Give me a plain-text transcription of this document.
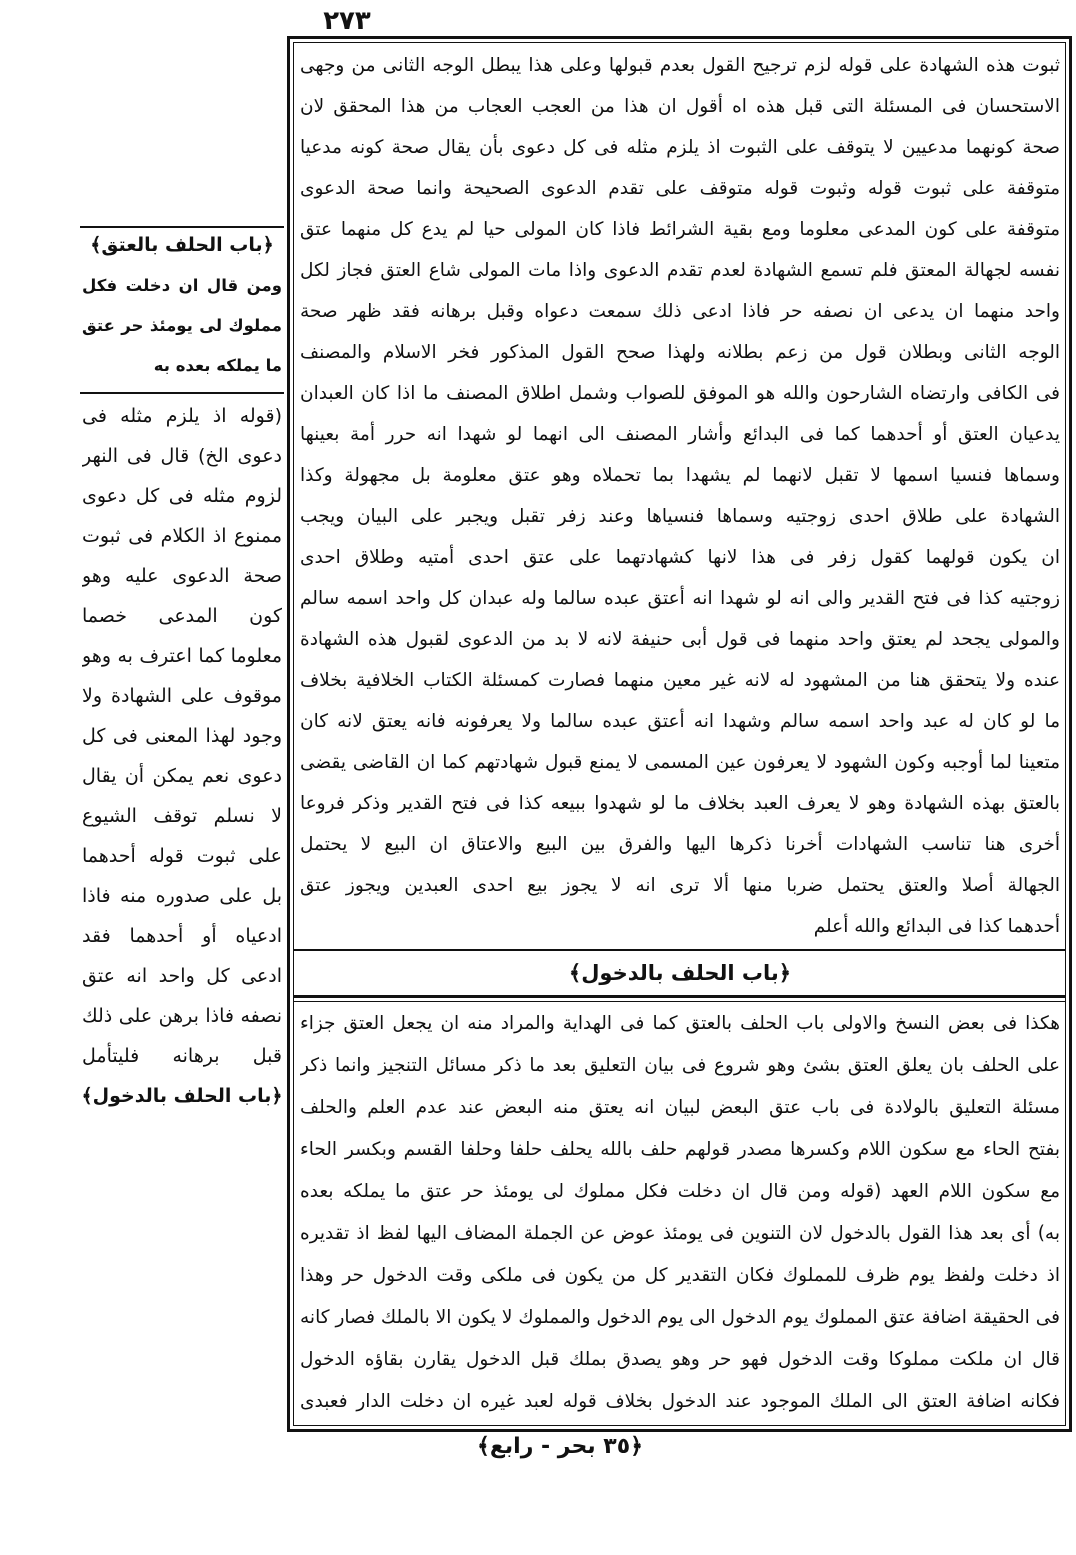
٢٧٣
ثبوت هذه الشهادة على قوله لزم ترجيح القول بعدم قبولها وعلى هذا يبطل الوجه الثانى من وجهى
الاستحسان فى المسئلة التى قبل هذه اه أقول ان هذا من العجب العجاب من هذا المحقق لان
صحة كونهما مدعيين لا يتوقف على الثبوت اذ يلزم مثله فى كل دعوى بأن يقال صحة كونه مدعيا
متوقفة على ثبوت قوله وثبوت قوله متوقف على تقدم الدعوى الصحيحة وانما صحة الدعوى
متوقفة على كون المدعى معلوما ومع بقية الشرائط فاذا كان المولى حيا لم يدع كل منهما عتق
نفسه لجهالة المعتق فلم تسمع الشهادة لعدم تقدم الدعوى واذا مات المولى شاع العتق فجاز لكل
واحد منهما ان يدعى ان نصفه حر فاذا ادعى ذلك سمعت دعواه وقبل برهانه فقد ظهر صحة
الوجه الثانى وبطلان قول من زعم بطلانه ولهذا صحح القول المذكور فخر الاسلام والمصنف
فى الكافى وارتضاه الشارحون والله هو الموفق للصواب وشمل اطلاق المصنف ما اذا كان العبدان
يدعيان العتق أو أحدهما كما فى البدائع وأشار المصنف الى انهما لو شهدا انه حرر أمة بعينها
وسماها فنسيا اسمها لا تقبل لانهما لم يشهدا بما تحملاه وهو عتق معلومة بل مجهولة وكذا
الشهادة على طلاق احدى زوجتيه وسماها فنسياها وعند زفر تقبل ويجبر على البيان ويجب
ان يكون قولهما كقول زفر فى هذا لانها كشهادتهما على عتق احدى أمتيه وطلاق احدى
زوجتيه كذا فى فتح القدير والى انه لو شهدا انه أعتق عبده سالما وله عبدان كل واحد اسمه سالم
والمولى يجحد لم يعتق واحد منهما فى قول أبى حنيفة لانه لا بد من الدعوى لقبول هذه الشهادة
عنده ولا يتحقق هنا من المشهود له لانه غير معين منهما فصارت كمسئلة الكتاب الخلافية بخلاف
ما لو كان له عبد واحد اسمه سالم وشهدا انه أعتق عبده سالما ولا يعرفونه فانه يعتق لانه كان
متعينا لما أوجبه وكون الشهود لا يعرفون عين المسمى لا يمنع قبول شهادتهم كما ان القاضى يقضى
بالعتق بهذه الشهادة وهو لا يعرف العبد بخلاف ما لو شهدوا ببيعه كذا فى فتح القدير وذكر فروعا
أخرى هنا تناسب الشهادات أخرنا ذكرها اليها والفرق بين البيع والاعتاق ان البيع لا يحتمل
الجهالة أصلا والعتق يحتمل ضربا منها ألا ترى انه لا يجوز بيع احدى العبدين ويجوز عتق
أحدهما كذا فى البدائع والله أعلم
﴿باب الحلف بالدخول﴾
هكذا فى بعض النسخ والاولى باب الحلف بالعتق كما فى الهداية والمراد منه ان يجعل العتق جزاء
على الحلف بان يعلق العتق بشئ وهو شروع فى بيان التعليق بعد ما ذكر مسائل التنجيز وانما ذكر
مسئلة التعليق بالولادة فى باب عتق البعض لبيان انه يعتق منه البعض عند عدم العلم والحلف
بفتح الحاء مع سكون اللام وكسرها مصدر قولهم حلف بالله يحلف حلفا وحلفا القسم وبكسر الحاء
مع سكون اللام العهد (قوله ومن قال ان دخلت فكل مملوك لى يومئذ حر عتق ما يملكه بعده
به) أى بعد هذا القول بالدخول لان التنوين فى يومئذ عوض عن الجملة المضاف اليها لفظ اذ تقديره
اذ دخلت ولفظ يوم ظرف للمملوك فكان التقدير كل من يكون فى ملكى وقت الدخول حر وهذا
فى الحقيقة اضافة عتق المملوك يوم الدخول الى يوم الدخول والمملوك لا يكون الا بالملك فصار كانه
قال ان ملكت مملوكا وقت الدخول فهو حر وهو يصدق بملك قبل الدخول يقارن بقاؤه الدخول
فكانه اضافة العتق الى الملك الموجود عند الدخول بخلاف قوله لعبد غيره ان دخلت الدار فعبدى
﴿باب الحلف بالعتق﴾
ومن قال ان دخلت فكل
مملوك لى يومئذ حر عتق
ما يملكه بعده به
(قوله اذ يلزم مثله فى
دعوى الخ) قال فى النهر
لزوم مثله فى كل دعوى
ممنوع اذ الكلام فى ثبوت
صحة الدعوى عليه وهو
كون المدعى خصما
معلوما كما اعترف به وهو
موقوف على الشهادة ولا
وجود لهذا المعنى فى كل
دعوى نعم يمكن أن يقال
لا نسلم توقف الشيوع
على ثبوت قوله أحدهما
بل على صدوره منه فاذا
ادعياه أو أحدهما فقد
ادعى كل واحد انه عتق
نصفه فاذا برهن على ذلك
قبل برهانه فليتأمل
﴿باب الحلف بالدخول﴾
﴿٣٥ بحر - رابع﴾
